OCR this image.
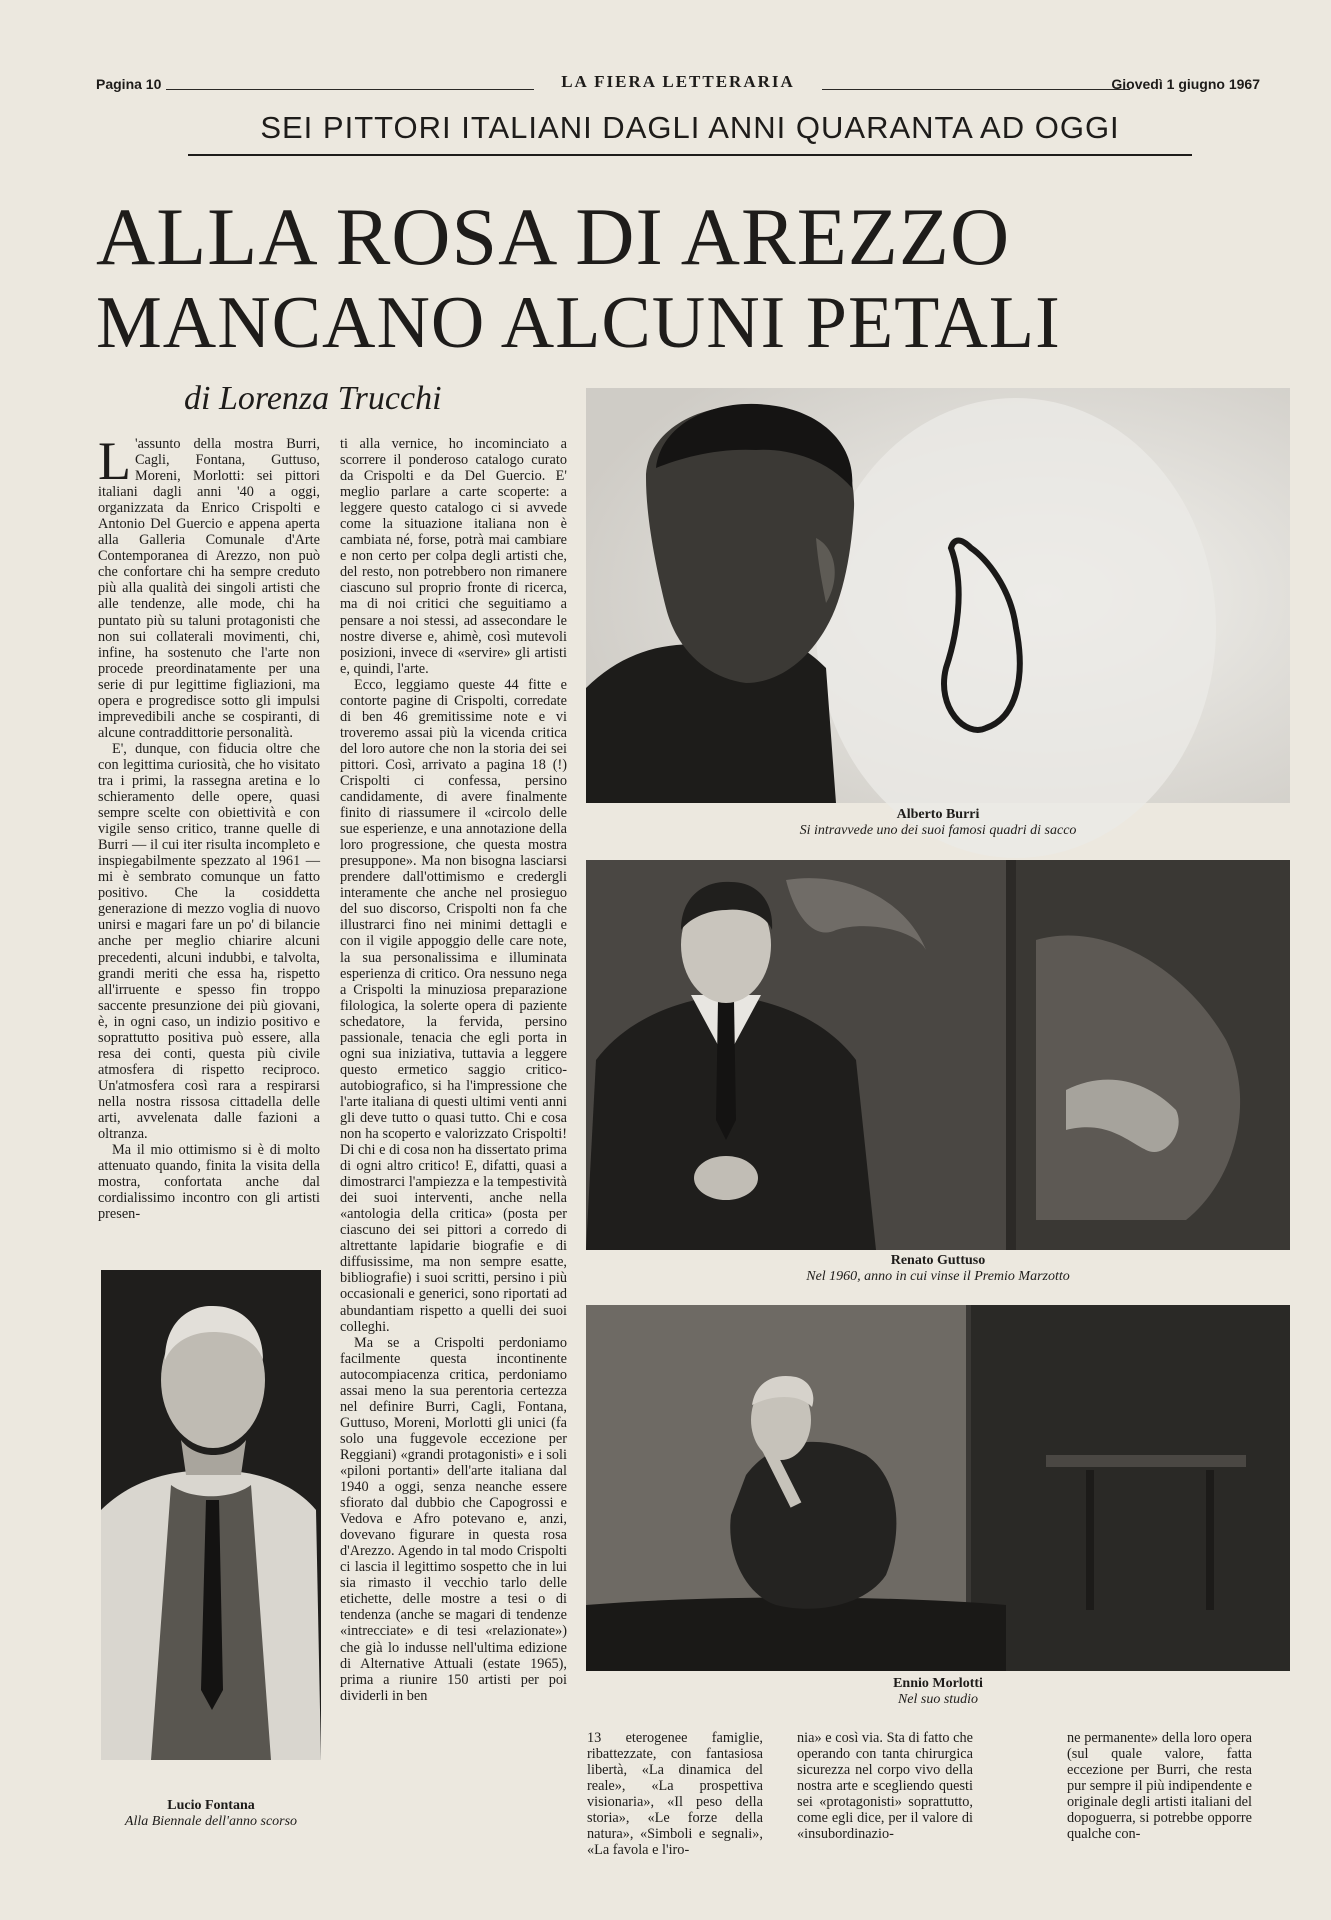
Pagina 10	LA FIERA LETTERARIA	Giovedì 1 giugno 1967
SEI PITTORI ITALIANI DAGLI ANNI QUARANTA AD OGGI
ALLA ROSA DI AREZZO
MANCANO ALCUNI PETALI
di Lorenza Trucchi

L 'assunto della mostra Burri, Cagli, Fontana, Guttuso, Moreni, Morlotti: sei pittori italiani dagli anni '40 a oggi, organizzata da Enrico Crispolti e Antonio Del Guercio e appena aperta alla Galleria Comunale d'Arte Contemporanea di Arezzo, non può che confortare chi ha sempre creduto più alla qualità dei singoli artisti che alle tendenze, alle mode, chi ha puntato più su taluni protagonisti che non sui collaterali movimenti, chi, infine, ha sostenuto che l'arte non procede preordinatamente per una serie di pur legittime figliazioni, ma opera e progredisce sotto gli impulsi imprevedibili anche se cospiranti, di alcune contraddittorie personalità.

E', dunque, con fiducia oltre che con legittima curiosità, che ho visitato tra i primi, la rassegna aretina e lo schieramento delle opere, quasi sempre scelte con obiettività e con vigile senso critico, tranne quelle di Burri — il cui iter risulta incompleto e inspiegabilmente spezzato al 1961 — mi è sembrato comunque un fatto positivo. Che la cosiddetta generazione di mezzo voglia di nuovo unirsi e magari fare un po' di bilancie anche per meglio chiarire alcuni precedenti, alcuni indubbi, e talvolta, grandi meriti che essa ha, rispetto all'irruente e spesso fin troppo saccente presunzione dei più giovani, è, in ogni caso, un indizio positivo e soprattutto positiva può essere, alla resa dei conti, questa più civile atmosfera di rispetto reciproco. Un'atmosfera così rara a respirarsi nella nostra rissosa cittadella delle arti, avvelenata dalle fazioni a oltranza.

Ma il mio ottimismo si è di molto attenuato quando, finita la visita della mostra, confortata anche dal cordialissimo incontro con gli artisti presen-

ti alla vernice, ho incominciato a scorrere il ponderoso catalogo curato da Crispolti e da Del Guercio. E' meglio parlare a carte scoperte: a leggere questo catalogo ci si avvede come la situazione italiana non è cambiata né, forse, potrà mai cambiare e non certo per colpa degli artisti che, del resto, non potrebbero non rimanere ciascuno sul proprio fronte di ricerca, ma di noi critici che seguitiamo a pensare a noi stessi, ad assecondare le nostre diverse e, ahimè, così mutevoli posizioni, invece di «servire» gli artisti e, quindi, l'arte.

Ecco, leggiamo queste 44 fitte e contorte pagine di Crispolti, corredate di ben 46 gremitissime note e vi troveremo assai più la vicenda critica del loro autore che non la storia dei sei pittori. Così, arrivato a pagina 18 (!) Crispolti ci confessa, persino candidamente, di avere finalmente finito di riassumere il «circolo delle sue esperienze, e una annotazione della loro progressione, che questa mostra presuppone». Ma non bisogna lasciarsi prendere dall'ottimismo e credergli interamente che anche nel prosieguo del suo discorso, Crispolti non fa che illustrarci fino nei minimi dettagli e con il vigile appoggio delle care note, la sua personalissima e illuminata esperienza di critico. Ora nessuno nega a Crispolti la minuziosa preparazione filologica, la solerte opera di paziente schedatore, la fervida, persino passionale, tenacia che egli porta in ogni sua iniziativa, tuttavia a leggere questo ermetico saggio critico-autobiografico, si ha l'impressione che l'arte italiana di questi ultimi venti anni gli deve tutto o quasi tutto. Chi e cosa non ha scoperto e valorizzato Crispolti! Di chi e di cosa non ha dissertato prima di ogni altro critico! E, difatti, quasi a dimostrarci l'ampiezza e la tempestività dei suoi interventi, anche nella «antologia della critica» (posta per ciascuno dei sei pittori a corredo di altrettante lapidarie biografie e di diffusissime, ma non sempre esatte, bibliografie) i suoi scritti, persino i più occasionali e generici, sono riportati ad abundantiam rispetto a quelli dei suoi colleghi.

Ma se a Crispolti perdoniamo facilmente questa incontinente autocompiacenza critica, perdoniamo assai meno la sua perentoria certezza nel definire Burri, Cagli, Fontana, Guttuso, Moreni, Morlotti gli unici (fa solo una fuggevole eccezione per Reggiani) «grandi protagonisti» e i soli «piloni portanti» dell'arte italiana dal 1940 a oggi, senza neanche essere sfiorato dal dubbio che Capogrossi e Vedova e Afro potevano e, anzi, dovevano figurare in questa rosa d'Arezzo. Agendo in tal modo Crispolti ci lascia il legittimo sospetto che in lui sia rimasto il vecchio tarlo delle etichette, delle mostre a tesi o di tendenza (anche se magari di tendenze «intrecciate» e di tesi «relazionate») che già lo indusse nell'ultima edizione di Alternative Attuali (estate 1965), prima a riunire 150 artisti per poi dividerli in ben

13 eterogenee famiglie, ribattezzate, con fantasiosa libertà, «La dinamica del reale», «La prospettiva visionaria», «Il peso della storia», «Le forze della natura», «Simboli e segnali», «La favola e l'iro-

nia» e così via. Sta di fatto che operando con tanta chirurgica sicurezza nel corpo vivo della nostra arte e scegliendo questi sei «protagonisti» soprattutto, come egli dice, per il valore di «insubordinazio-

ne permanente» della loro opera (sul quale valore, fatta eccezione per Burri, che resta pur sempre il più indipendente e originale degli artisti italiani del dopoguerra, si potrebbe opporre qualche con-

Alberto Burri
Si intravvede uno dei suoi famosi quadri di sacco
Renato Guttuso
Nel 1960, anno in cui vinse il Premio Marzotto
Ennio Morlotti
Nel suo studio
Lucio Fontana
Alla Biennale dell'anno scorso
